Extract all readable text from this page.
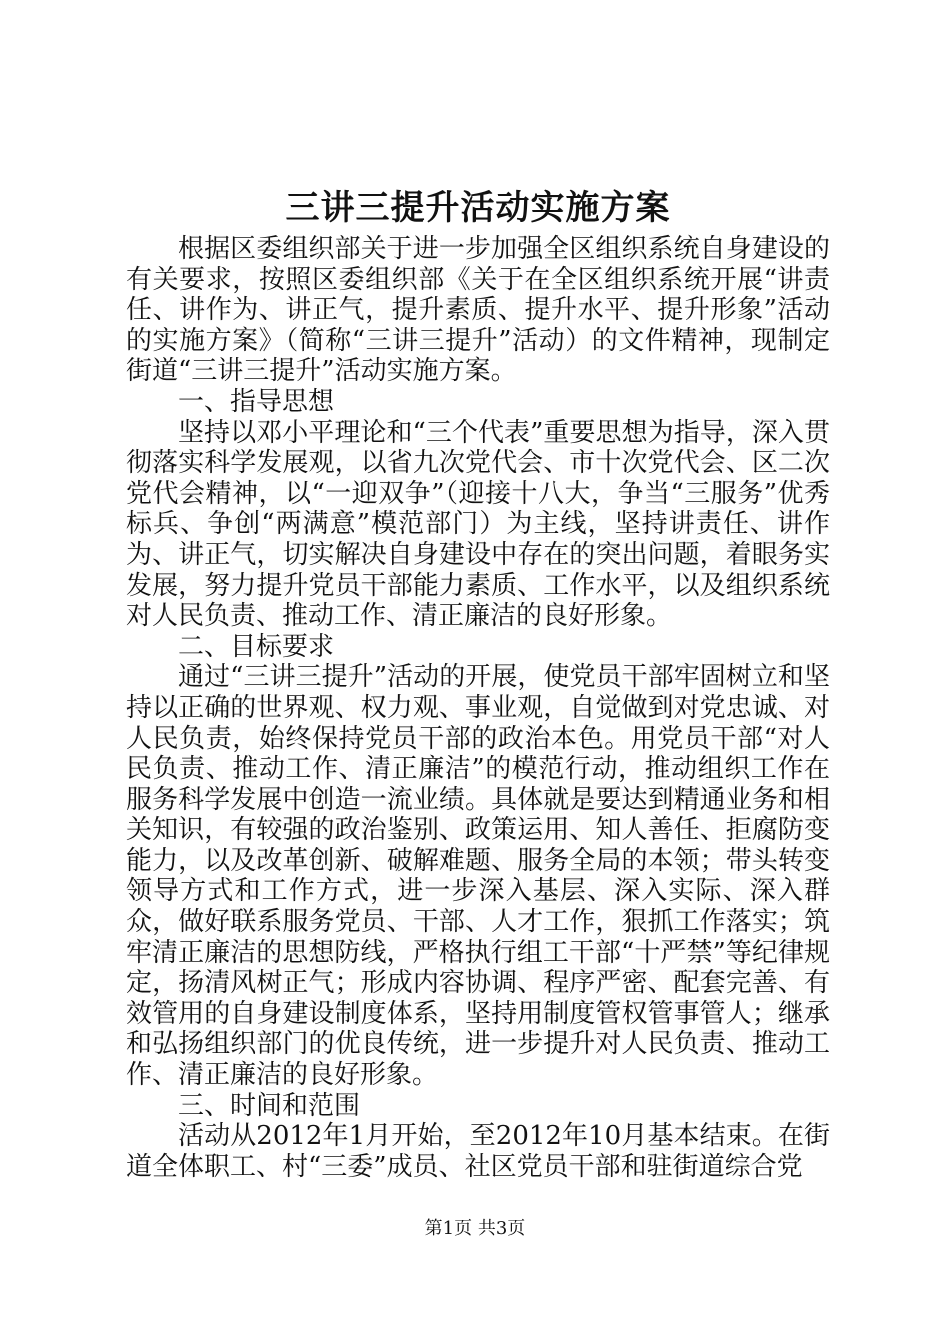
三讲三提升活动实施方案

根据区委组织部关于进一步加强全区组织系统自身建设的有关要求，按照区委组织部《关于在全区组织系统开展“讲责任、讲作为、讲正气，提升素质、提升水平、提升形象”活动的实施方案》（简称“三讲三提升”活动）的文件精神，现制定街道“三讲三提升”活动实施方案。

一、指导思想

坚持以邓小平理论和“三个代表”重要思想为指导，深入贯彻落实科学发展观，以省九次党代会、市十次党代会、区二次党代会精神，以“一迎双争”（迎接十八大，争当“三服务”优秀标兵、争创“两满意”模范部门）为主线，坚持讲责任、讲作为、讲正气，切实解决自身建设中存在的突出问题，着眼务实发展，努力提升党员干部能力素质、工作水平，以及组织系统对人民负责、推动工作、清正廉洁的良好形象。

二、目标要求

通过“三讲三提升”活动的开展，使党员干部牢固树立和坚持以正确的世界观、权力观、事业观，自觉做到对党忠诚、对人民负责，始终保持党员干部的政治本色。用党员干部“对人民负责、推动工作、清正廉洁”的模范行动，推动组织工作在服务科学发展中创造一流业绩。具体就是要达到精通业务和相关知识，有较强的政治鉴别、政策运用、知人善任、拒腐防变能力，以及改革创新、破解难题、服务全局的本领；带头转变领导方式和工作方式，进一步深入基层、深入实际、深入群众，做好联系服务党员、干部、人才工作，狠抓工作落实；筑牢清正廉洁的思想防线，严格执行组工干部“十严禁”等纪律规定，扬清风树正气；形成内容协调、程序严密、配套完善、有效管用的自身建设制度体系，坚持用制度管权管事管人；继承和弘扬组织部门的优良传统，进一步提升对人民负责、推动工作、清正廉洁的良好形象。

三、时间和范围

活动从2012年1月开始，至2012年10月基本结束。在街道全体职工、村“三委”成员、社区党员干部和驻街道综合党

第1页 共3页
